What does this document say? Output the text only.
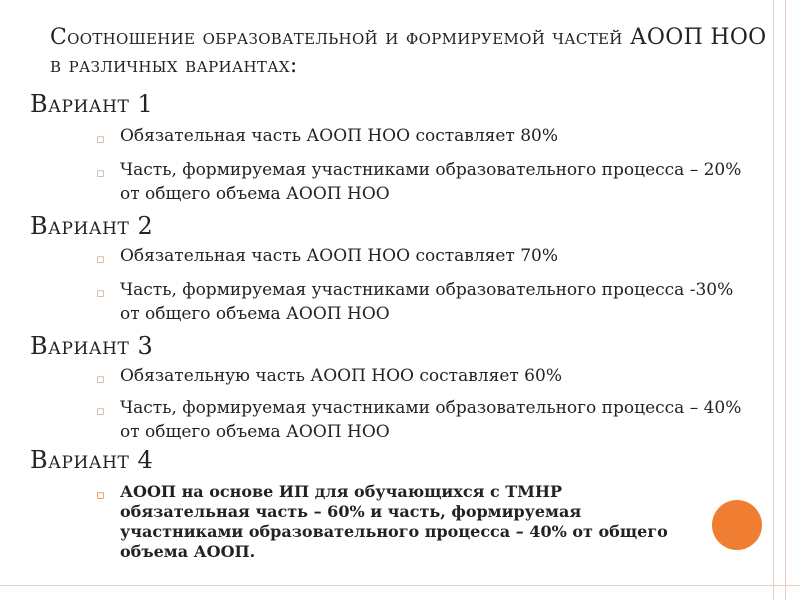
Соотношение образовательной и формируемой частей АООП НОО в различных вариантах:
Вариант 1
▫ Обязательная часть АООП НОО составляет 80%
▫ Часть, формируемая участниками образовательного процесса – 20% от общего объема АООП НОО
Вариант 2
▫ Обязательная часть АООП НОО составляет 70%
▫ Часть, формируемая участниками образовательного процесса -30% от общего объема АООП НОО
Вариант 3
▫ Обязательную часть АООП НОО составляет 60%
▫ Часть, формируемая участниками образовательного процесса – 40% от общего объема АООП НОО
Вариант 4
▫ АООП на основе ИП для обучающихся с ТМНР обязательная часть – 60% и часть, формируемая участниками образовательного процесса – 40% от общего объема АООП.
